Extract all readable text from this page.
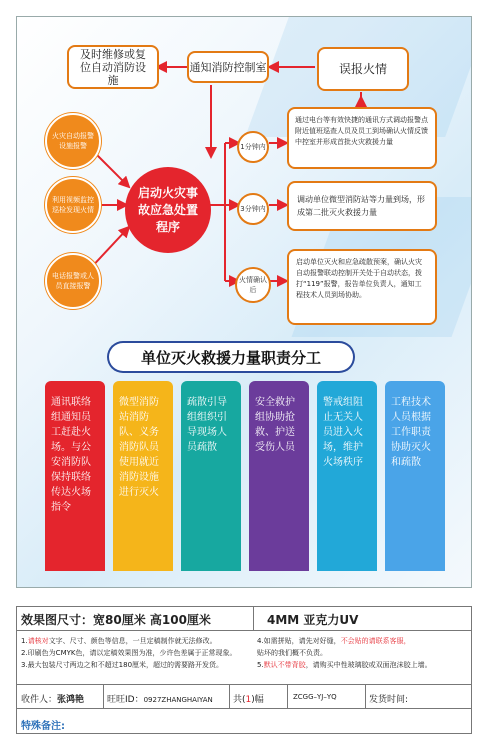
及时维修或复位自动消防设施
通知消防控制室	误报火情
火灾自动报警设施报警
利用视频监控巡检发现火情
电话报警或人员直接报警
启动火灾事故应急处置程序
1分钟内
3分钟内
火情确认后
通过电台等有效快捷的通讯方式调动报警点附近值班巡查人员及员工到场确认火情反馈中控室并形成首批火灾救援力量
调动单位微型消防站等力量到场，形成第二批灭火救援力量
启动单位灭火和应急疏散预案，确认火灾自动报警联动控制开关处于自动状态，拨打“119”报警，报告单位负责人，通知工程技术人员到场协助。
单位灭火救援力量职责分工
通讯联络组通知员工赶赴火场。与公安消防队保持联络传达火场指令
微型消防站消防队、义务消防队员使用就近消防设施进行灭火
疏散引导组组织引导现场人员疏散
安全救护组协助抢救、护送受伤人员
警戒组阻止无关人员进入火场，维护火场秩序
工程技术人员根据工作职责协助灭火和疏散
效果图尺寸：宽80厘米 高100厘米	4MM 亚克力UV
1.请核对文字、尺寸、颜色等信息，一旦定稿制作就无法修改。
2.印刷色为CMYK色，请以定稿效果图为准，少许色差属于正常现象。
3.最大包装尺寸两边之和不超过180厘米，超过的需要路开发货。
4.如需拼贴，请先对好缝，不会贴的请联系客服，
贴坏的我们概不负责。
5.默认不带背胶，请购买中性玻璃胶或双面泡沫胶上墙。
收件人：张鸿艳	旺旺ID：0927ZHANGHAIYAN 共(1)幅	ZCGG–YJ–YQ	发货时间:
特殊备注:
